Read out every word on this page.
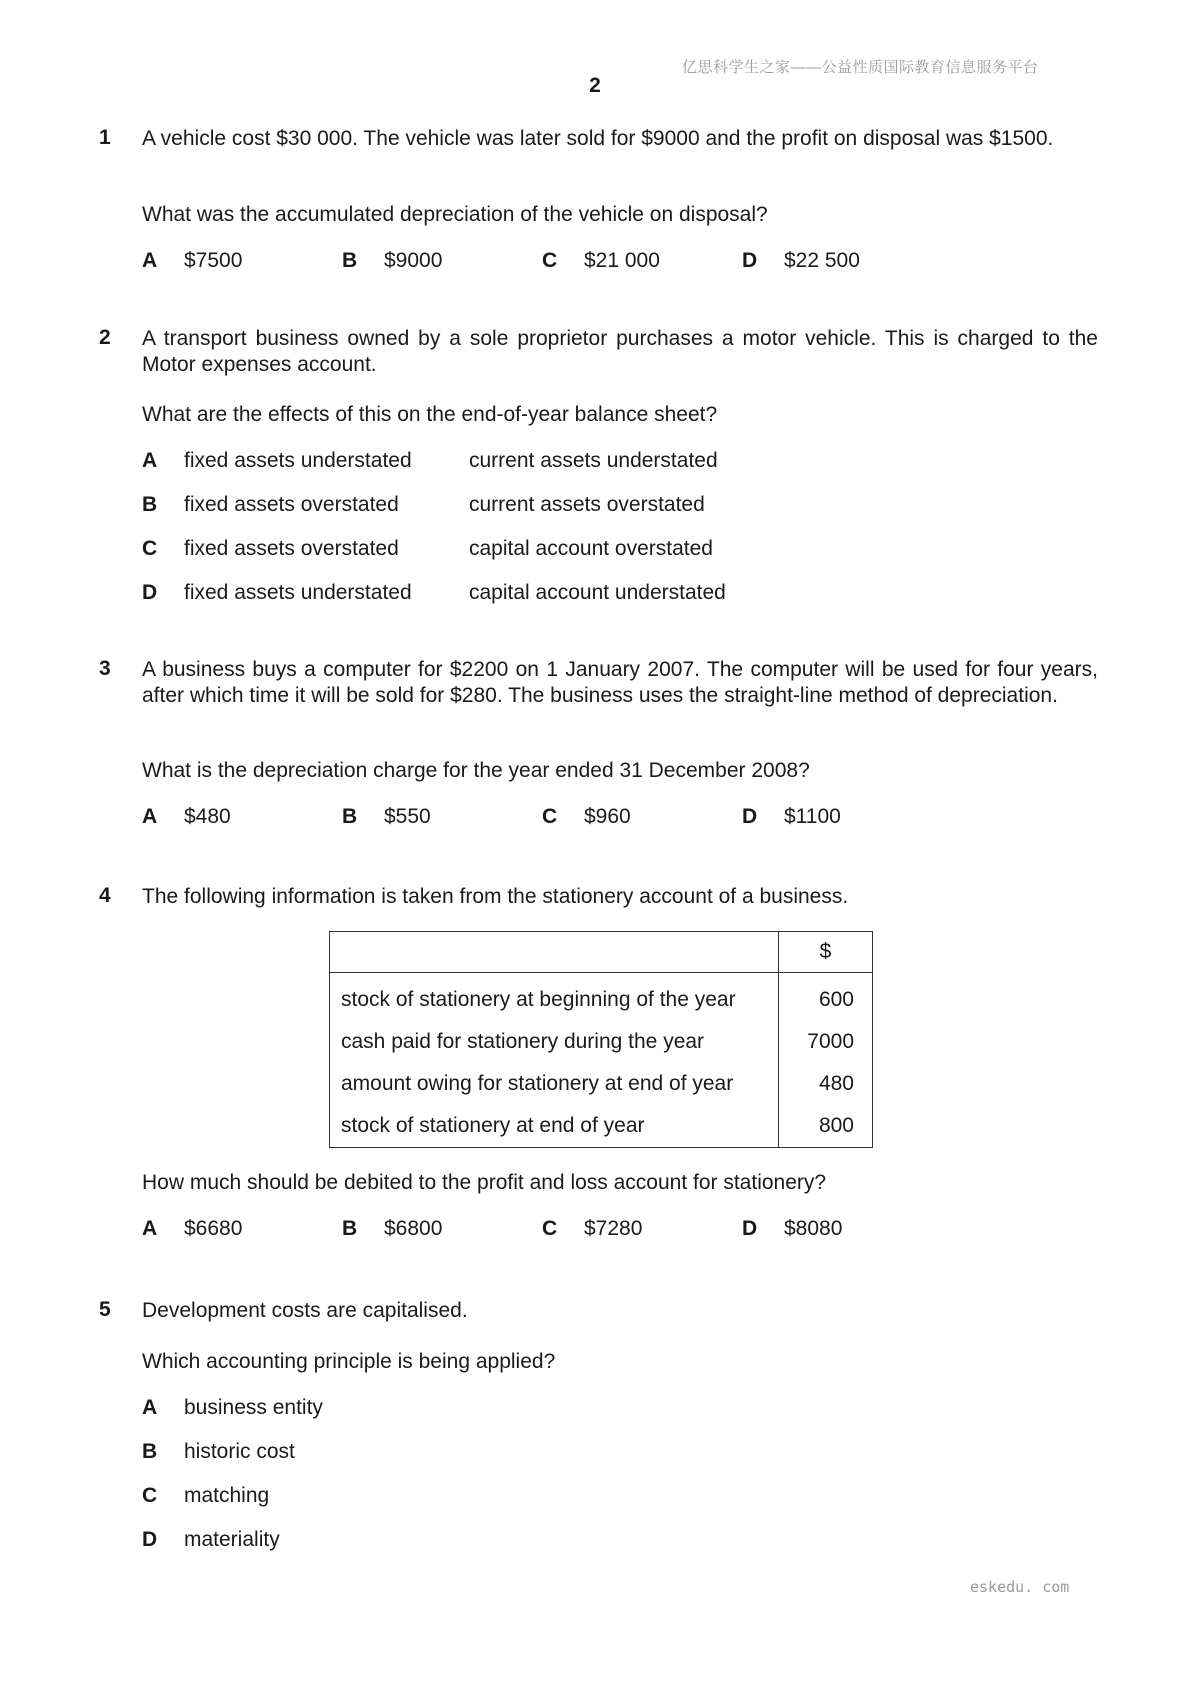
亿思科学生之家——公益性质国际教育信息服务平台
2
1 A vehicle cost $30 000. The vehicle was later sold for $9000 and the profit on disposal was $1500.

What was the accumulated depreciation of the vehicle on disposal?

A $7500	B $9000	C $21 000	D $22 500
2 A transport business owned by a sole proprietor purchases a motor vehicle. This is charged to the Motor expenses account.

What are the effects of this on the end-of-year balance sheet?

A fixed assets understated	current assets understated
B fixed assets overstated	current assets overstated
C fixed assets overstated	capital account overstated
D fixed assets understated	capital account understated
3 A business buys a computer for $2200 on 1 January 2007. The computer will be used for four years, after which time it will be sold for $280. The business uses the straight-line method of depreciation.

What is the depreciation charge for the year ended 31 December 2008?

A $480	B $550	C $960	D $1100
4 The following information is taken from the stationery account of a business.

	$
stock of stationery at beginning of the year	600
cash paid for stationery during the year	7000
amount owing for stationery at end of year	480
stock of stationery at end of year	800

How much should be debited to the profit and loss account for stationery?

A $6680	B $6800	C $7280	D $8080
5 Development costs are capitalised.

Which accounting principle is being applied?

A business entity
B historic cost
C matching
D materiality
eskedu. com
